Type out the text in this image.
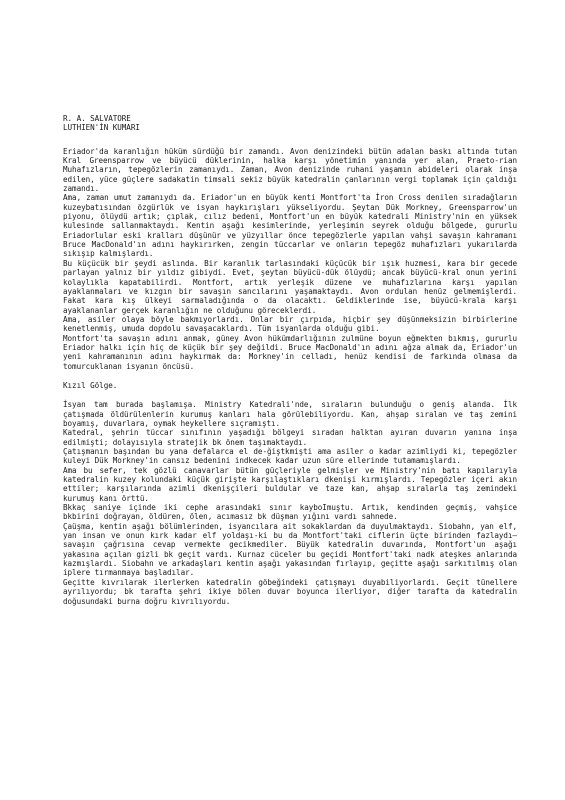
R. A. SALVATORE
LUTHIEN'İN KUMARI

Eriador'da karanlığın hüküm sürdüğü bir zamandı. Avon denizindeki bütün adalan baskı altında tutan Kral Greensparrow ve büyücü düklerinin, halka karşı yönetimin yanında yer alan, Praeto-rian Muhafızların, tepegözlerin zamanıydı. Zaman, Avon denizinde ruhani yaşamın abideleri olarak inşa edilen, yüce güçlere sadakatin timsali sekiz büyük katedralin çanlarının vergi toplamak için çaldığı zamandı.

Ama, zaman umut zamanıydı da. Eriador'un en büyük kenti Montfort'ta İron Cross denilen sıradağların kuzeybatısından özgürlük ve isyan haykırışları yükseliyordu. Şeytan Dük Morkney, Greensparrow'un piyonu, ölüydü artık; çıplak, cılız bedeni, Montfort'un en büyük katedrali Ministry'nin en yüksek kulesinde sallanmaktaydı. Kentin aşağı kesimlerinde, yerleşimin seyrek olduğu bölgede, gururlu Eriadorlular eski kralları düşünür ve yüzyıllar önce tepegözlerle yapılan vahşi savaşın kahramanı Bruce MacDonald'ın adını haykırırken, zengin tüccarlar ve onların tepegöz muhafızları yukarılarda sıkışıp kalmışlardı.

Bu küçücük bir şeydi aslında. Bir karanlık tarlasındaki küçücük bir ışık huzmesi, kara bir gecede parlayan yalnız bir yıldız gibiydi. Evet, şeytan büyücü-dük ölüydü; ancak büyücü-kral onun yerini kolaylıkla kapatabilirdi. Montfort, artık yerleşik düzene ve muhafızlarına karşı yapılan ayaklanmaları ve kızgın bir savaşın sancılarını yaşamaktaydı. Avon ordulan henüz gelmemişlerdi. Fakat kara kış ülkeyi sarmaladığında o da olacaktı. Geldiklerinde ise, büyücü-krala karşı ayaklananlar gerçek karanlığın ne olduğunu göreceklerdi.

Ama, asiler olaya böyle bakmıyorlardı. Onlar bir çırpıda, hiçbir şey düşünmeksizin birbirlerine kenetlenmiş, umuda dopdolu savaşacaklardı. Tüm isyanlarda olduğu gibi.

Montfort'ta savaşın adını anmak, güney Avon hükümdarlığının zulmüne boyun eğmekten bıkmış, gururlu Eriador halkı için hiç de küçük bir şey değildi. Bruce MacDonald'ın adını ağza almak da, Eriador'un yeni kahramanının adını haykırmak da: Morkney'in celladı, henüz kendisi de farkında olmasa da tomurcuklanan isyanın öncüsü.

Kızıl Gölge.

İsyan tam burada başlamışa. Ministry Katedrali'nde, sıraların bulunduğu o geniş alanda. İlk çatışmada öldürülenlerin kurumuş kanları hala görülebiliyordu. Kan, ahşap sıralan ve taş zemini boyamış, duvarlara, oymak heykellere sıçramıştı.

Katedral, şehrin tüccar sınıfının yaşadığı bölgeyi sıradan halktan ayıran duvarın yanına inşa edilmişti; dolayısıyla stratejik bk önem taşımaktaydı.

Çatışmanın başından bu yana defalarca el de-ğiştkmişti ama asiler o kadar azimliydi ki, tepegözler kuleyi Dük Morkney'in cansız bedenini indkecek kadar uzun süre ellerinde tutamamışlardı.

Ama bu sefer, tek gözlü canavarlar bütün güçleriyle gelmişler ve Ministry'nin batı kapılarıyla katedralin kuzey kolundaki küçük girişte karşılaştıkları dkenişi kırmışlardı. Tepegözler içeri akın ettiler; karşılarında azimli dkenişçileri buldular ve taze kan, ahşap sıralarla taş zemindeki kurumuş kanı örttü.

Bkkaç saniye içinde iki cephe arasındaki sınır kayboImuştu. Artık, kendinden geçmiş, vahşice bkbirini doğrayan, öldüren, ölen, acımasız bk düşman yığını vardı sahnede.

Çaüşma, kentin aşağı bölümlerinden, isyancılara ait sokaklardan da duyulmaktaydı. Siobahn, yan elf, yan insan ve onun kırk kadar elf yoldaşı-ki bu da Montfort'taki ciflerin üçte birinden fazlaydı—savaşın çağrısına cevap vermekte gecikmediler. Büyük katedralin duvarında, Montfort'un aşağı yakasına açılan gizli bk geçit vardı. Kurnaz cüceler bu geçidi Montfort'taki nadk ateşkes anlarında kazmışlardı. Siobahn ve arkadaşları kentin aşağı yakasından fırlayıp, geçitte aşağı sarkıtılmış olan iplere tırmanmaya başladılar.

Geçitte kıvrılarak ilerlerken katedralin göbeğindeki çatışmayı duyabiliyorlardı. Geçit tünellere ayrılıyordu; bk tarafta şehri ikiye bölen duvar boyunca ilerliyor, diğer tarafta da katedralin doğusundaki burna doğru kıvrılıyordu.
